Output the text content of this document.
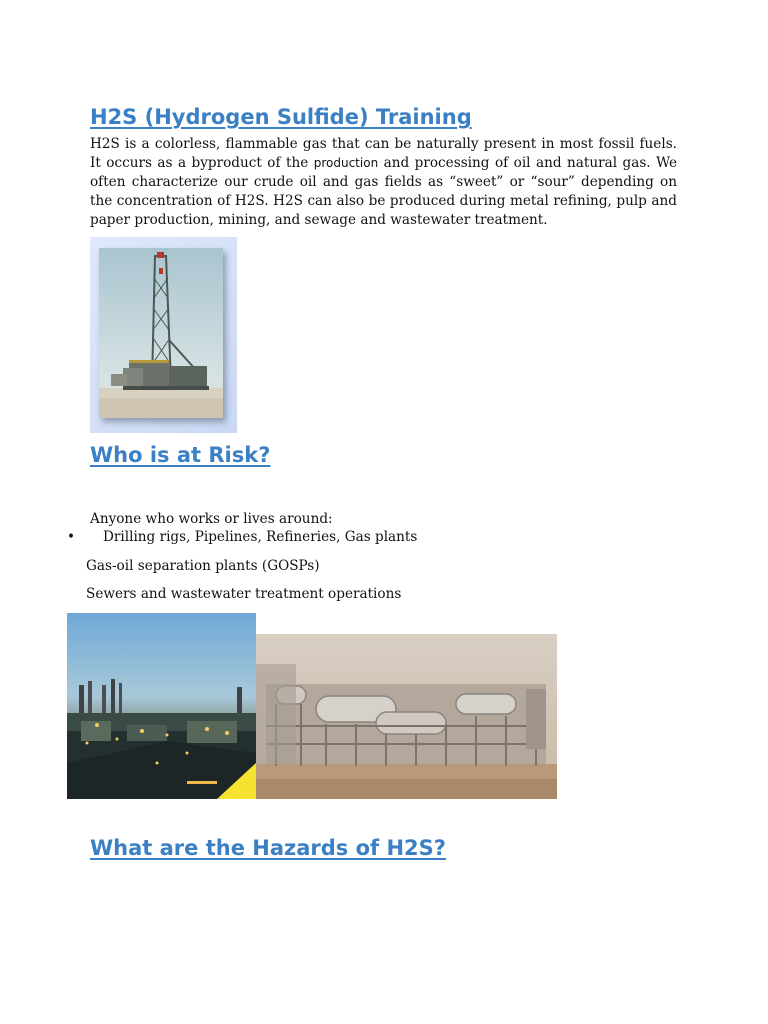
H2S (Hydrogen Sulfide) Training

H2S is a colorless, flammable gas that can be naturally present in most fossil fuels. It occurs as a byproduct of the production and processing of oil and natural gas. We often characterize our crude oil and gas fields as “sweet” or “sour” depending on the concentration of H2S. H2S can also be produced during metal refining, pulp and paper production, mining, and sewage and wastewater treatment.

Who is at Risk?

Anyone who works or lives around:

• Drilling rigs, Pipelines, Refineries, Gas plants

Gas-oil separation plants (GOSPs)

Sewers and wastewater treatment operations

What are the Hazards of H2S?
